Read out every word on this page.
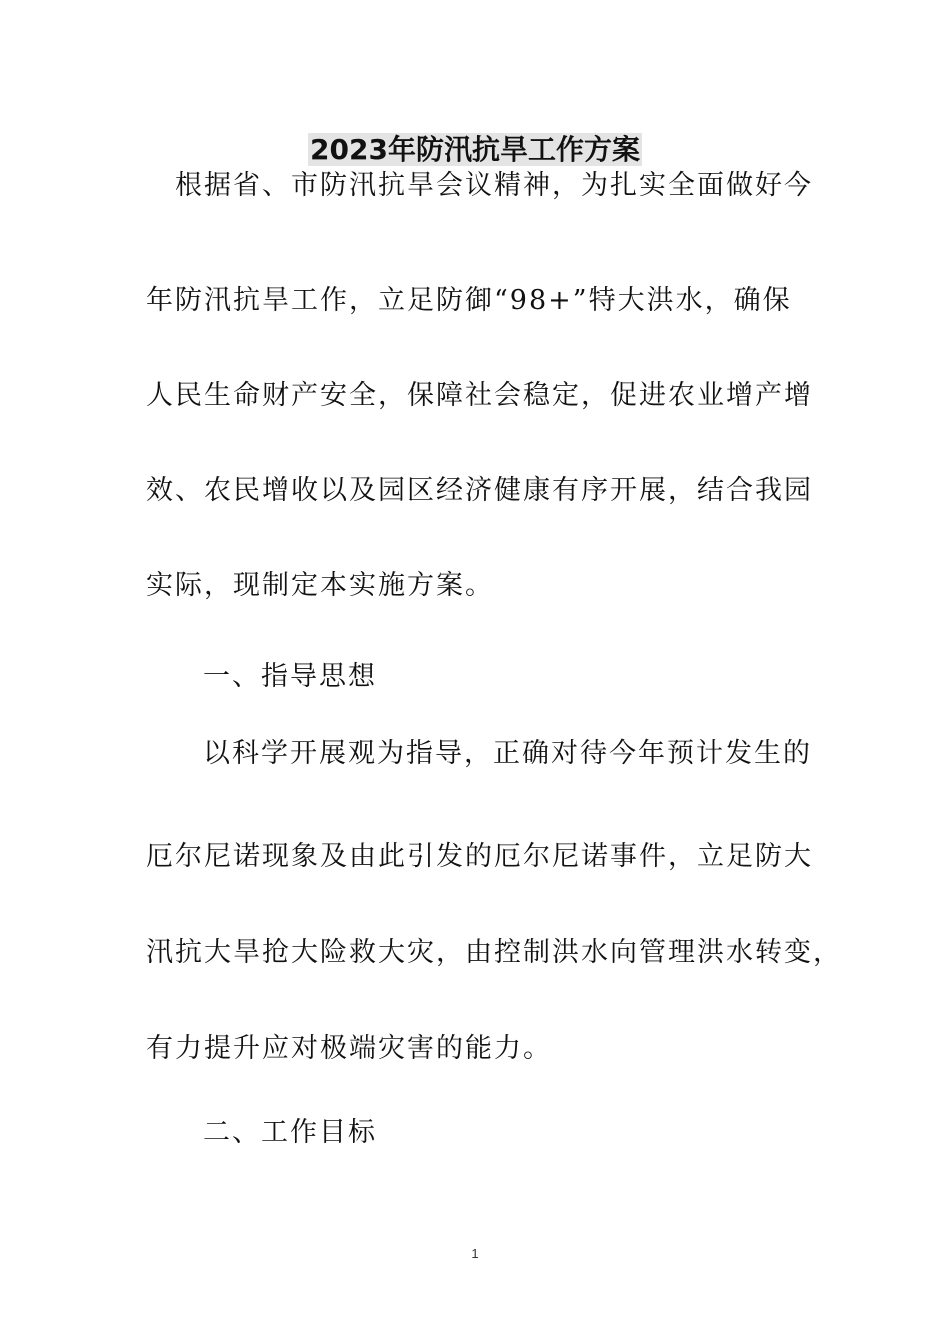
2023年防汛抗旱工作方案
根据省、市防汛抗旱会议精神，为扎实全面做好今
年防汛抗旱工作，立足防御“98+”特大洪水，确保
人民生命财产安全，保障社会稳定，促进农业增产增
效、农民增收以及园区经济健康有序开展，结合我园
实际，现制定本实施方案。
一、指导思想
以科学开展观为指导，正确对待今年预计发生的
厄尔尼诺现象及由此引发的厄尔尼诺事件，立足防大
汛抗大旱抢大险救大灾，由控制洪水向管理洪水转变，
有力提升应对极端灾害的能力。
二、工作目标
1
